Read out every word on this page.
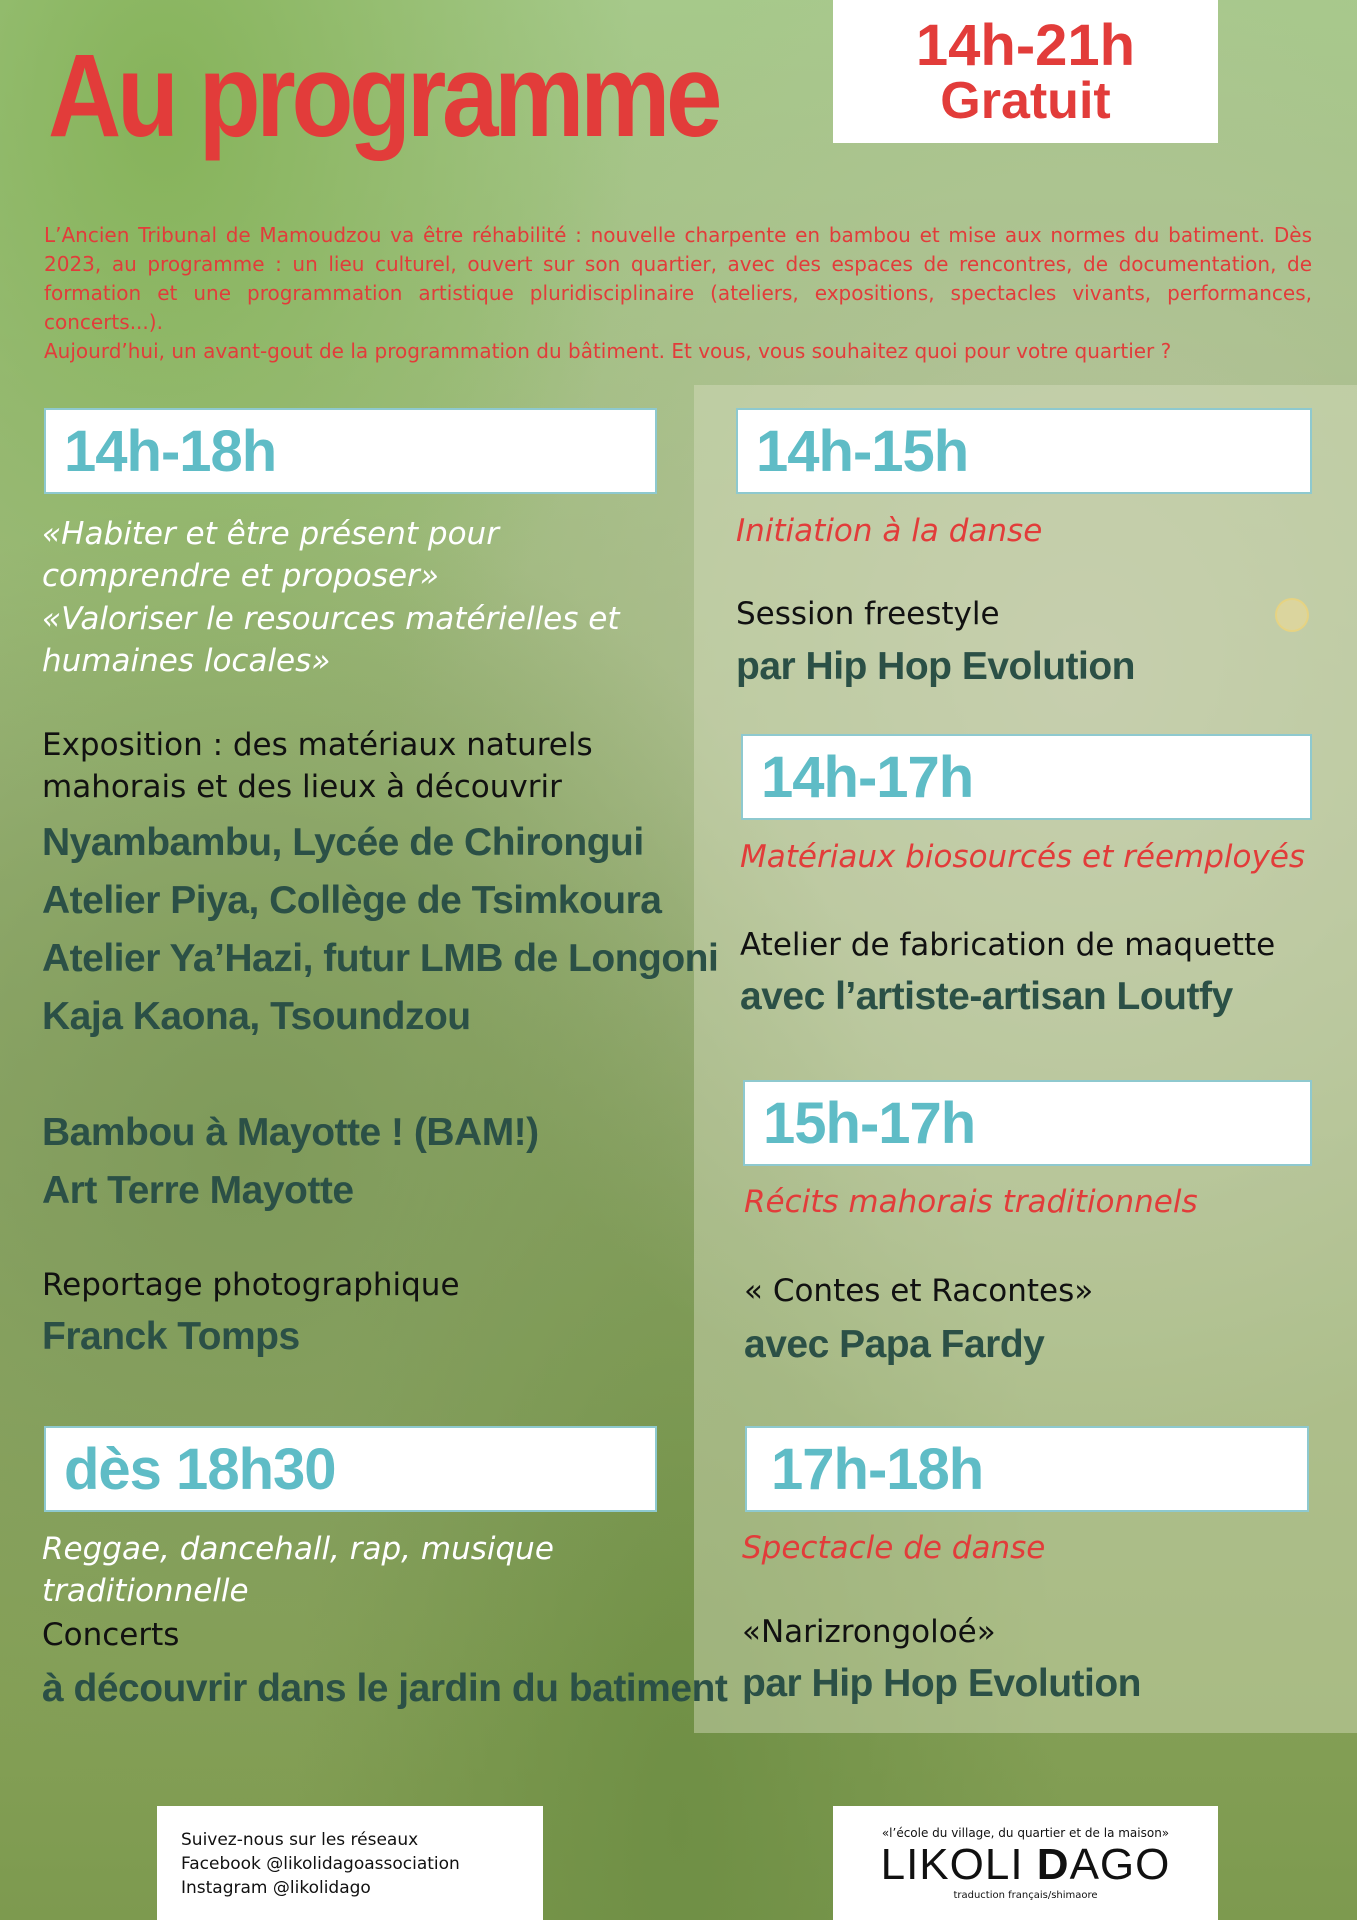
Au programme	14h-21h
Gratuit

L’Ancien Tribunal de Mamoudzou va être réhabilité : nouvelle charpente en bambou et mise aux normes du batiment. Dès 2023, au programme : un lieu culturel, ouvert sur son quartier, avec des espaces de rencontres, de documentation, de formation et une programmation artistique pluridisciplinaire (ateliers, expositions, spectacles vivants, performances, concerts...).

Aujourd’hui, un avant-gout de la programmation du bâtiment. Et vous, vous souhaitez quoi pour votre quartier ?

14h-18h
«Habiter et être présent pour comprendre et proposer»
«Valoriser le resources matérielles et humaines locales»
Exposition : des matériaux naturels mahorais et des lieux à découvrir
Nyambambu, Lycée de Chirongui
Atelier Piya, Collège de Tsimkoura
Atelier Ya’Hazi, futur LMB de Longoni
Kaja Kaona, Tsoundzou
Bambou à Mayotte ! (BAM!)
Art Terre Mayotte
Reportage photographique
Franck Tomps
dès 18h30
Reggae, dancehall, rap, musique traditionnelle
Concerts
à découvrir dans le jardin du batiment
14h-15h
Initiation à la danse
Session freestyle
par Hip Hop Evolution
14h-17h
Matériaux biosourcés et réemployés
Atelier de fabrication de maquette
avec l’artiste-artisan Loutfy
15h-17h
Récits mahorais traditionnels
« Contes et Racontes»
avec Papa Fardy
17h-18h
Spectacle de danse
«Narizrongoloé»
par Hip Hop Evolution
Suivez-nous sur les réseaux
Facebook @likolidagoassociation
Instagram @likolidago
«l’école du village, du quartier et de la maison»
LIKOLI DAGO
traduction français/shimaore
